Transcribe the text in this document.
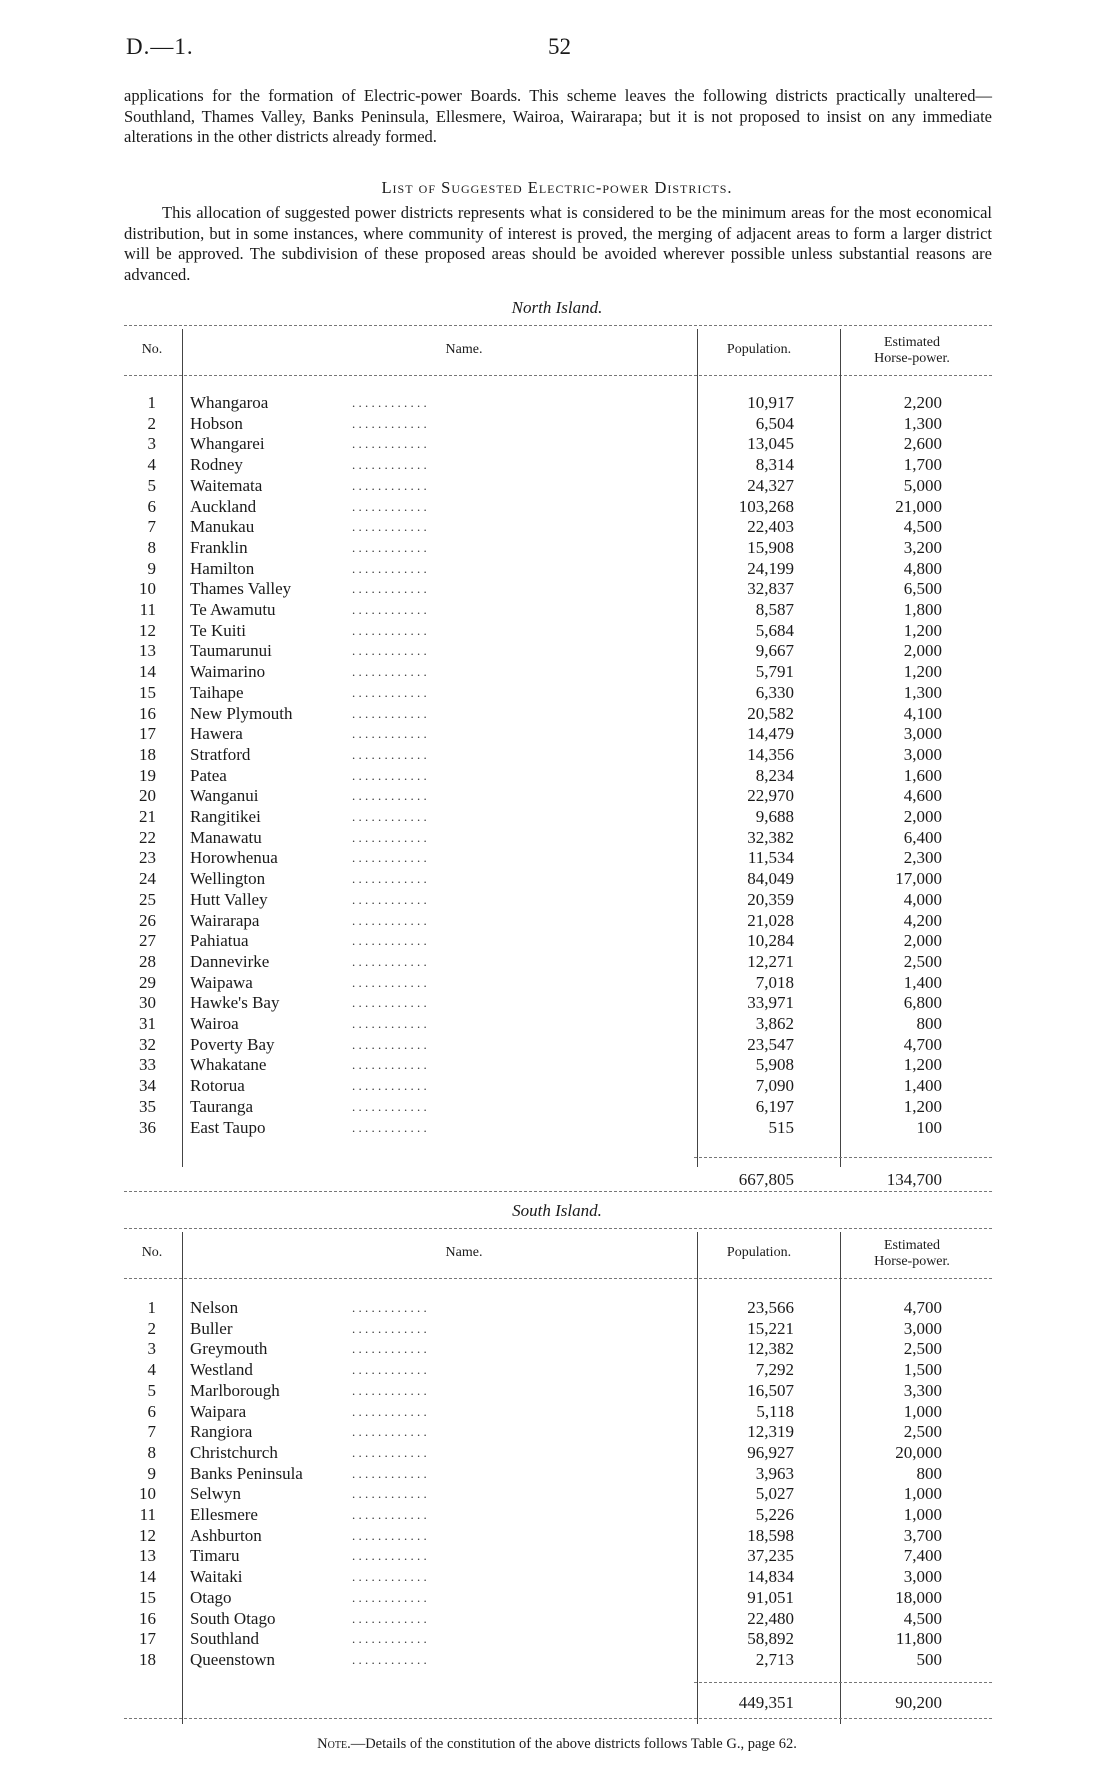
D.—1.	52

applications for the formation of Electric-power Boards. This scheme leaves the following districts practically unaltered—Southland, Thames Valley, Banks Peninsula, Ellesmere, Wairoa, Wairarapa; but it is not proposed to insist on any immediate alterations in the other districts already formed.

List of Suggested Electric-power Districts.

This allocation of suggested power districts represents what is considered to be the minimum areas for the most economical distribution, but in some instances, where community of interest is proved, the merging of adjacent areas to form a larger district will be approved. The subdivision of these proposed areas should be avoided wherever possible unless substantial reasons are advanced.

North Island.
No.	Name.	Population.	Estimated
Horse-power.
1 Whangaroa	10,917	2,200
. . . . . . . . . . . .
2 Hobson	6,504	1,300
. . . . . . . . . . . .
3 Whangarei	13,045	2,600
. . . . . . . . . . . .
4 Rodney	8,314	1,700
. . . . . . . . . . . .
5 Waitemata	24,327	5,000
. . . . . . . . . . . .
6 Auckland	103,268	21,000
. . . . . . . . . . . .
7 Manukau	22,403	4,500
. . . . . . . . . . . .
8 Franklin	15,908	3,200
. . . . . . . . . . . .
9 Hamilton	24,199	4,800
. . . . . . . . . . . .
10 Thames Valley	32,837	6,500
. . . . . . . . . . . .
11 Te Awamutu	8,587	1,800
. . . . . . . . . . . .
12 Te Kuiti	5,684	1,200
. . . . . . . . . . . .
13 Taumarunui	9,667	2,000
. . . . . . . . . . . .
14 Waimarino	5,791	1,200
. . . . . . . . . . . .
15 Taihape	6,330	1,300
. . . . . . . . . . . .
16 New Plymouth	20,582	4,100
. . . . . . . . . . . .
17 Hawera	14,479	3,000
. . . . . . . . . . . .
18 Stratford	14,356	3,000
. . . . . . . . . . . .
19 Patea	8,234	1,600
. . . . . . . . . . . .
20 Wanganui	22,970	4,600
. . . . . . . . . . . .
21 Rangitikei	9,688	2,000
. . . . . . . . . . . .
22 Manawatu	32,382	6,400
. . . . . . . . . . . .
23 Horowhenua	11,534	2,300
. . . . . . . . . . . .
24 Wellington	84,049	17,000
. . . . . . . . . . . .
25 Hutt Valley	20,359	4,000
. . . . . . . . . . . .
26 Wairarapa	21,028	4,200
. . . . . . . . . . . .
27 Pahiatua	10,284	2,000
. . . . . . . . . . . .
28 Dannevirke	12,271	2,500
. . . . . . . . . . . .
29 Waipawa	7,018	1,400
. . . . . . . . . . . .
30 Hawke's Bay	33,971	6,800
. . . . . . . . . . . .
31 Wairoa	3,862	800
. . . . . . . . . . . .
32 Poverty Bay	23,547	4,700
. . . . . . . . . . . .
33 Whakatane	5,908	1,200
. . . . . . . . . . . .
34 Rotorua	7,090	1,400
. . . . . . . . . . . .
35 Tauranga	6,197	1,200
. . . . . . . . . . . .
36 East Taupo	515	100
. . . . . . . . . . . .
667,805	134,700
South Island.
No.	Name.	Population.	Estimated
Horse-power.
1 Nelson	23,566	4,700
. . . . . . . . . . . .
2 Buller	15,221	3,000
. . . . . . . . . . . .
3 Greymouth	12,382	2,500
. . . . . . . . . . . .
4 Westland	7,292	1,500
. . . . . . . . . . . .
5 Marlborough	16,507	3,300
. . . . . . . . . . . .
6 Waipara	5,118	1,000
. . . . . . . . . . . .
7 Rangiora	12,319	2,500
. . . . . . . . . . . .
8 Christchurch	96,927	20,000
. . . . . . . . . . . .
9 Banks Peninsula	3,963	800
. . . . . . . . . . . .
10 Selwyn	5,027	1,000
. . . . . . . . . . . .
11 Ellesmere	5,226	1,000
. . . . . . . . . . . .
12 Ashburton	18,598	3,700
. . . . . . . . . . . .
13 Timaru	37,235	7,400
. . . . . . . . . . . .
14 Waitaki	14,834	3,000
. . . . . . . . . . . .
15 Otago	91,051	18,000
. . . . . . . . . . . .
16 South Otago	22,480	4,500
. . . . . . . . . . . .
17 Southland	58,892	11,800
. . . . . . . . . . . .
18 Queenstown	2,713	500
. . . . . . . . . . . .
449,351	90,200
Note.—Details of the constitution of the above districts follows Table G., page 62.
